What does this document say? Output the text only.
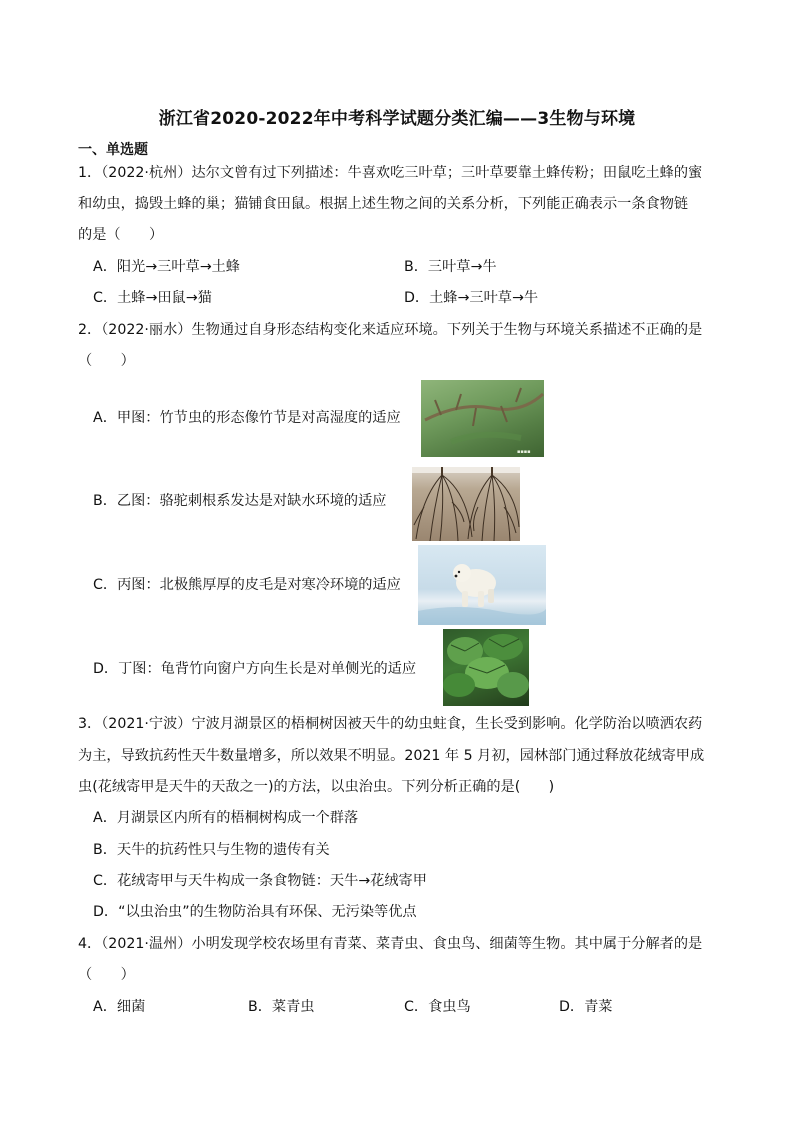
浙江省2020-2022年中考科学试题分类汇编——3生物与环境
一、单选题
1．（2022·杭州）达尔文曾有过下列描述：牛喜欢吃三叶草；三叶草要靠土蜂传粉；田鼠吃土蜂的蜜
和幼虫，捣毁土蜂的巢；猫铺食田鼠。根据上述生物之间的关系分析，下列能正确表示一条食物链
的是（　　）
A．阳光→三叶草→土蜂	B．三叶草→牛
C．土蜂→田鼠→猫	D．土蜂→三叶草→牛
2．（2022·丽水）生物通过自身形态结构变化来适应环境。下列关于生物与环境关系描述不正确的是
（　　）
A．甲图：竹节虫的形态像竹节是对高湿度的适应
▪▪▪▪
B．乙图：骆驼刺根系发达是对缺水环境的适应
C．丙图：北极熊厚厚的皮毛是对寒冷环境的适应
D．丁图：龟背竹向窗户方向生长是对单侧光的适应
3．（2021·宁波）宁波月湖景区的梧桐树因被天牛的幼虫蛀食，生长受到影响。化学防治以喷洒农药
为主，导致抗药性天牛数量增多，所以效果不明显。2021 年 5 月初，园林部门通过释放花绒寄甲成
虫(花绒寄甲是天牛的天敌之一)的方法，以虫治虫。下列分析正确的是(　　)
A．月湖景区内所有的梧桐树构成一个群落
B．天牛的抗药性只与生物的遗传有关
C．花绒寄甲与天牛构成一条食物链：天牛→花绒寄甲
D．“以虫治虫”的生物防治具有环保、无污染等优点
4．（2021·温州）小明发现学校农场里有青菜、菜青虫、食虫鸟、细菌等生物。其中属于分解者的是
（　　）
A．细菌	B．菜青虫	C．食虫鸟	D．青菜
